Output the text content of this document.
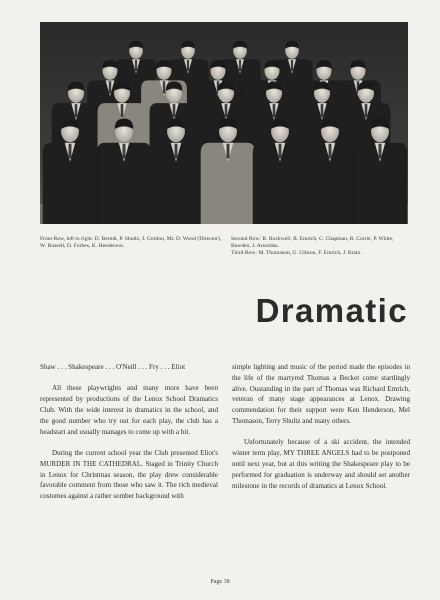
Front Row, left to right: D. Berndt, P. Shultz, J. Gordon, Mr. D. Wood (Director), W. Russell, D. Forbes, K. Henderson.

Second Row: R. Rockwell, R. Emrich, C. Chapman, R. Currie, P. White, Bawden, J. Arnoldus.

Third Row: M. Thomason, G. Gibson, F. Emrich, J. Brain.

Dramatic

Shaw . . . Shakespeare . . . O'Neill . . . Fry . . . Eliot

All these playwrights and many more have been represented by productions of the Lenox School Dramatics Club. With the wide interest in dramatics in the school, and the good number who try out for each play, the club has a headstart and usually manages to come up with a hit.

During the current school year the Club presented Eliot's MURDER IN THE CATHEDRAL. Staged in Trinity Church in Lenox for Christmas season, the play drew considerable favorable comment from those who saw it. The rich medieval costumes against a rather somber background with

simple lighting and music of the period made the episodes in the life of the martyred Thomas a Becket come startlingly alive. Oustanding in the part of Thomas was Richard Emrich, veteran of many stage appearances at Lenox. Drawing commendation for their support were Ken Henderson, Mel Thomason, Terry Shultz and many others.

Unfortunately because of a ski accident, the intended winter term play, MY THREE ANGELS had to be postponed until next year, but at this writing the Shakespeare play to be performed for graduation is underway and should set another milestone in the records of dramatics at Lenox School.

Page 38
